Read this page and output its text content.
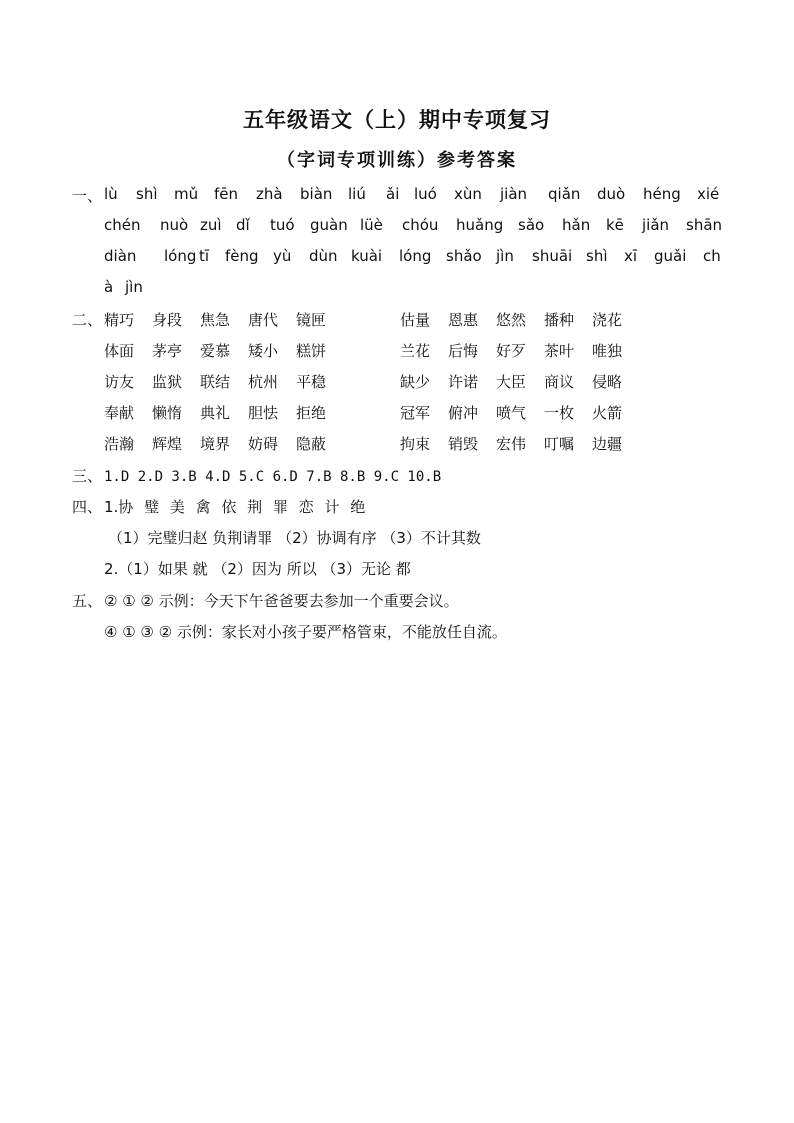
五年级语文（上）期中专项复习
（字词专项训练）参考答案
一、 lù shì mǔ fēn zhà biàn liú ǎi luó xùn jiàn qiǎn duò héng xié
chén nuò zuì dǐ tuó guàn lüè chóu huǎng sǎo hǎn kē jiǎn shān
diàn lóng tī fèng yù dùn kuài lóng shǎo jìn shuāi shì xī guǎi ch
à jìn
二、 精巧 身段 焦急 唐代 镜匣
体面 茅亭 爱慕 矮小 糕饼
访友 监狱 联结 杭州 平稳
奉献 懒惰 典礼 胆怯 拒绝
浩瀚 辉煌 境界 妨碍 隐蔽
估量 恩惠 悠然 播种 浇花
兰花 后悔 好歹 茶叶 唯独
缺少 许诺 大臣 商议 侵略
冠军 俯冲 喷气 一枚 火箭
拘束 销毁 宏伟 叮嘱 边疆
三、 1.D 2.D 3.B 4.D 5.C 6.D 7.B 8.B 9.C 10.B
四、 1.协 璧 美 禽 依 荆 罪 恋 计 绝
（1）完璧归赵 负荆请罪 （2）协调有序 （3）不计其数
2.（1）如果 就 （2）因为 所以 （3）无论 都
五、 ② ① ② 示例：今天下午爸爸要去参加一个重要会议。
④ ① ③ ② 示例：家长对小孩子要严格管束，不能放任自流。
